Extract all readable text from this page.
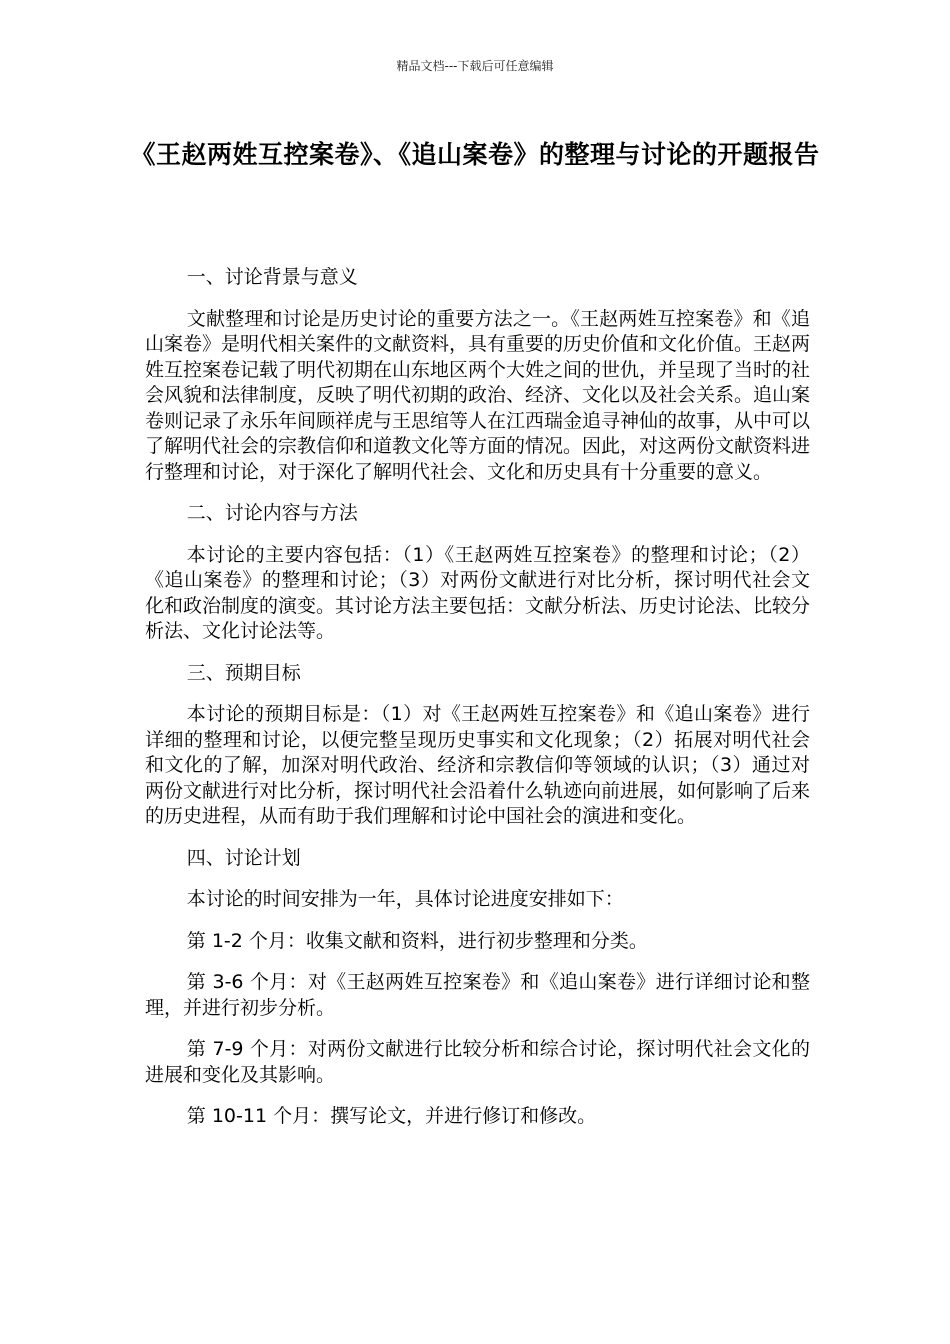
精品文档---下载后可任意编辑
《王赵两姓互控案卷》、《追山案卷》的整理与讨论的开题报告

一、讨论背景与意义

文献整理和讨论是历史讨论的重要方法之一。《王赵两姓互控案卷》和《追山案卷》是明代相关案件的文献资料，具有重要的历史价值和文化价值。王赵两姓互控案卷记载了明代初期在山东地区两个大姓之间的世仇，并呈现了当时的社会风貌和法律制度，反映了明代初期的政治、经济、文化以及社会关系。追山案卷则记录了永乐年间顾祥虎与王思绾等人在江西瑞金追寻神仙的故事，从中可以了解明代社会的宗教信仰和道教文化等方面的情况。因此，对这两份文献资料进行整理和讨论，对于深化了解明代社会、文化和历史具有十分重要的意义。

二、讨论内容与方法

本讨论的主要内容包括：（1）《王赵两姓互控案卷》的整理和讨论；（2）《追山案卷》的整理和讨论；（3）对两份文献进行对比分析，探讨明代社会文化和政治制度的演变。其讨论方法主要包括：文献分析法、历史讨论法、比较分析法、文化讨论法等。

三、预期目标

本讨论的预期目标是：（1）对《王赵两姓互控案卷》和《追山案卷》进行详细的整理和讨论，以便完整呈现历史事实和文化现象；（2）拓展对明代社会和文化的了解，加深对明代政治、经济和宗教信仰等领域的认识；（3）通过对两份文献进行对比分析，探讨明代社会沿着什么轨迹向前进展，如何影响了后来的历史进程，从而有助于我们理解和讨论中国社会的演进和变化。

四、讨论计划

本讨论的时间安排为一年，具体讨论进度安排如下：

第 1-2 个月：收集文献和资料，进行初步整理和分类。

第 3-6 个月：对《王赵两姓互控案卷》和《追山案卷》进行详细讨论和整理，并进行初步分析。

第 7-9 个月：对两份文献进行比较分析和综合讨论，探讨明代社会文化的进展和变化及其影响。

第 10-11 个月：撰写论文，并进行修订和修改。
